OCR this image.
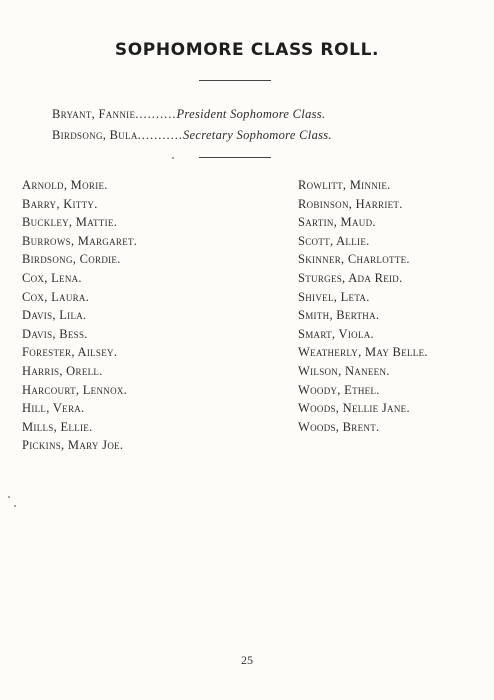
SOPHOMORE CLASS ROLL.
Bryant, Fannie..........President Sophomore Class.
Birdsong, Bula...........Secretary Sophomore Class.
Arnold, Morie.
Barry, Kitty.
Buckley, Mattie.
Burrows, Margaret.
Birdsong, Cordie.
Cox, Lena.
Cox, Laura.
Davis, Lila.
Davis, Bess.
Forester, Ailsey.
Harris, Orell.
Harcourt, Lennox.
Hill, Vera.
Mills, Ellie.
Pickins, Mary Joe.
Rowlitt, Minnie.
Robinson, Harriet.
Sartin, Maud.
Scott, Allie.
Skinner, Charlotte.
Sturges, Ada Reid.
Shivel, Leta.
Smith, Bertha.
Smart, Viola.
Weatherly, May Belle.
Wilson, Naneen.
Woody, Ethel.
Woods, Nellie Jane.
Woods, Brent.
25
